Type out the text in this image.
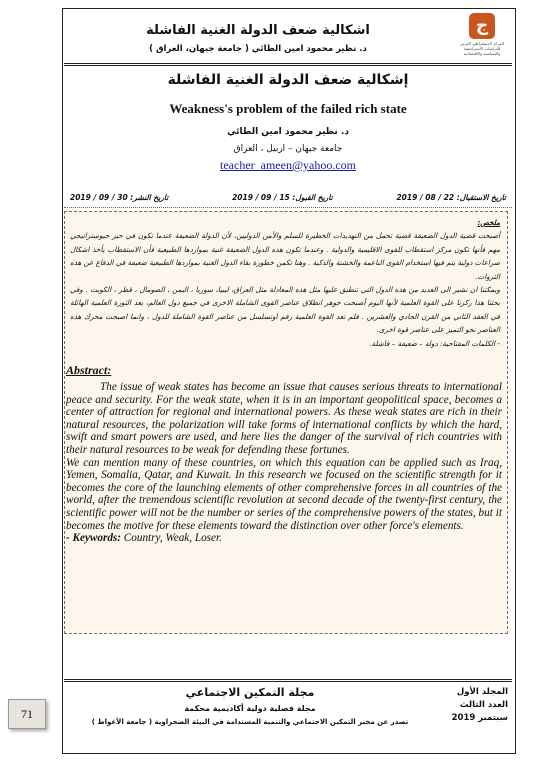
اشكالية ضعف الدولة الغنية الفاشلة
د. نظير محمود امين الطائي ( جامعة جيهان، العراق )
ج
المركز الديمقراطي العربي للدراسات الاستراتيجية والسياسية والاقتصادية
إشكالية ضعف الدولة الغنية الفاشلة
Weakness's problem of the failed rich state
د. نظير محمود امين الطائي
جامعة جيهان – اربيل ، العراق
teacher_ameen@yahoo.com
تاريخ الاستقبال: 22 / 08 / 2019
تاريخ القبول: 15 / 09 / 2019
تاريخ النشر: 30 / 09 / 2019

ملخص:

أصبحت قضية الدول الضعيفة قضية تحمل من التهديدات الخطيرة للسلم والأمن الدوليين، لأن الدولة الضعيفة عندما تكون في حيز جيوستراتيجي مهم فأنها تكون مركز استقطاب للقوى الاقليمية والدولية . وعندما تكون هذه الدول الضعيفة غنية بمواردها الطبيعية فأن الاستقطاب يأخذ اشكال صراعات دولية يتم فيها استخدام القوى الناعمة والخشنة والذكية . وهنا تكمن خطورة بقاء الدول الغنية بمواردها الطبيعية ضعيفة في الدفاع عن هذه الثروات.

ويمكننا ان نشير الى العديد من هذه الدول التي تنطبق عليها مثل هذه المعادلة مثل العراق، ليبيا، سوريا ، اليمن ، الصومال ، قطر ، الكويت . وفي بحثنا هذا ركزنا على القوة العلمية لأنها اليوم أصبحت جوهر انطلاق عناصر القوى الشاملة الاخرى في جميع دول العالم، بعد الثورة العلمية الهائلة في العقد الثاني من القرن الحادي والعشرين . فلم تعد القوة العلمية رقم اوتسلسل من عناصر القوة الشاملة للدول ، وانما اصبحت محرك هذه العناصر نحو التميز على عناصر قوة اخرى.

- الكلمات المفتاحية: دولة – ضعيفة – فاشلة.

Abstract:

The issue of weak states has become an issue that causes serious threats to international peace and security. For the weak state, when it is in an important geopolitical space, becomes a center of attraction for regional and international powers. As these weak states are rich in their natural resources, the polarization will take forms of international conflicts by which the hard, swift and smart powers are used, and here lies the danger of the survival of rich countries with their natural resources to be weak for defending these fortunes.

We can mention many of these countries, on which this equation can be applied such as Iraq, Yemen, Somalia, Qatar, and Kuwait. In this research we focused on the scientific strength for it becomes the core of the launching elements of other comprehensive forces in all countries of the world, after the tremendous scientific revolution at second decade of the twenty-first century, the scientific power will not be the number or series of the comprehensive powers of the states, but it becomes the motive for these elements toward the distinction over other force's elements.

- Keywords: Country, Weak, Loser.

71
المجلد الأول
العدد الثالث
سبتمبر 2019
مجلة التمكين الاجتماعي
مجلة فصلية دولية أكاديمية محكمة
تصدر عن مخبر التمكين الاجتماعي والتنمية المستدامة في البيئة الصحراوية ( جامعة الأغواط )
